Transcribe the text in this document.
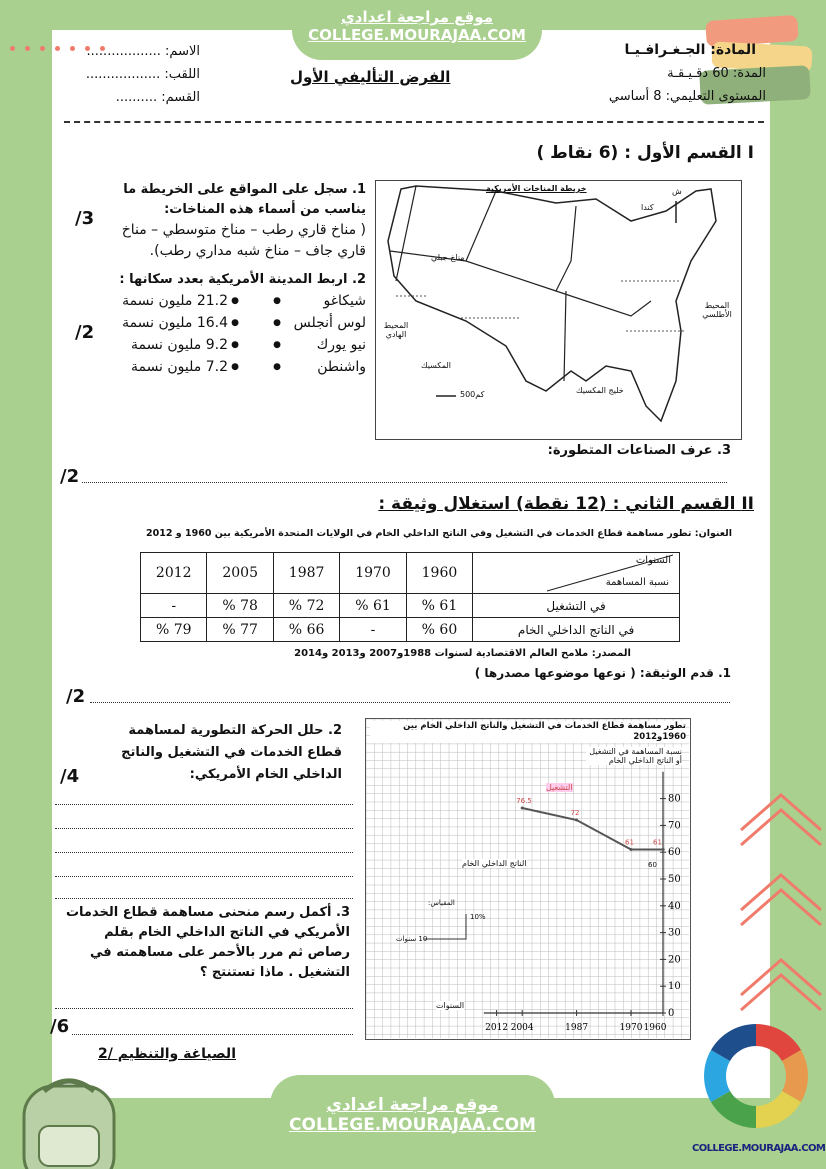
موقع مراجعة اعدادي
COLLEGE.MOURAJAA.COM
الاسم: ..................
اللقب: ..................
القسم: ..........
الفرض التأليفي الأول
المادة: الجـغـرافـيـا
المدة: 60 دقـيـقـة
المستوى التعليمي: 8 أساسي
I القسم الأول : (6 نقاط )
1. سجل على المواقع على الخريطة ما يناسب من أسماء هذه المناخات:
( مناخ قاري رطب – مناخ متوسطي – مناخ قاري جاف – مناخ شبه مداري رطب).
2. اربط المدينة الأمريكية بعدد سكانها :
شيكاغو
●
●
21.2 مليون نسمة
لوس أنجلس
●
●
16.4 مليون نسمة
نيو يورك
●
●
9.2 مليون نسمة
واشنطن
●
●
7.2 مليون نسمة
/3
/2
خريطة المناخات الأمريكية
مناخ جبلي
كندا
ش
المحيط الأطلسي
المحيط الهادي
المكسيك
خليج المكسيك
500كم
3. عرف الصناعات المتطورة:
/2
II القسم الثاني : (12 نقطة) استغلال وثيقة :
العنوان: تطور مساهمة قطاع الخدمات في التشغيل وفي الناتج الداخلي الخام في الولايات المتحدة الأمريكية بين 1960 و 2012
السنوات
نسبة المساهمة	1960	1970	1987	2005	2012
في التشغيل	61 %	61 %	72 %	78 %	-
في الناتج الداخلي الخام	60 %	-	66 %	77 %	79 %
المصدر: ملامح العالم الاقتصادية لسنوات 1988و2007 و2013 و2014
1. قدم الوثيقة: ( نوعها موضوعها مصدرها )
/2
2. حلل الحركة التطورية لمساهمة قطاع الخدمات في التشغيل والناتج الداخلي الخام الأمريكي:
/4
3. أكمل رسم منحنى مساهمة قطاع الخدمات الأمريكي في الناتج الداخلي الخام بقلم رصاص ثم مرر بالأحمر على مساهمته في التشغيل . ماذا تستنتج ؟
/6
0
10
20
30
40
50
60
70
80
1960
1970
1987
2004
2012
61
61
72
76.5
تطور مساهمة قطاع الخدمات في التشغيل والناتج الداخلي الخام بين 1960و2012
نسبة المساهمة في التشغيل أو الناتج الداخلي الخام
السنوات
الناتج الداخلي الخام
التشغيل
المقياس:
10%
10 سنوات
60
الصياغة والتنظيم /2
موقع مراجعة اعدادي
COLLEGE.MOURAJAA.COM
COLLEGE.MOURAJAA.COM
